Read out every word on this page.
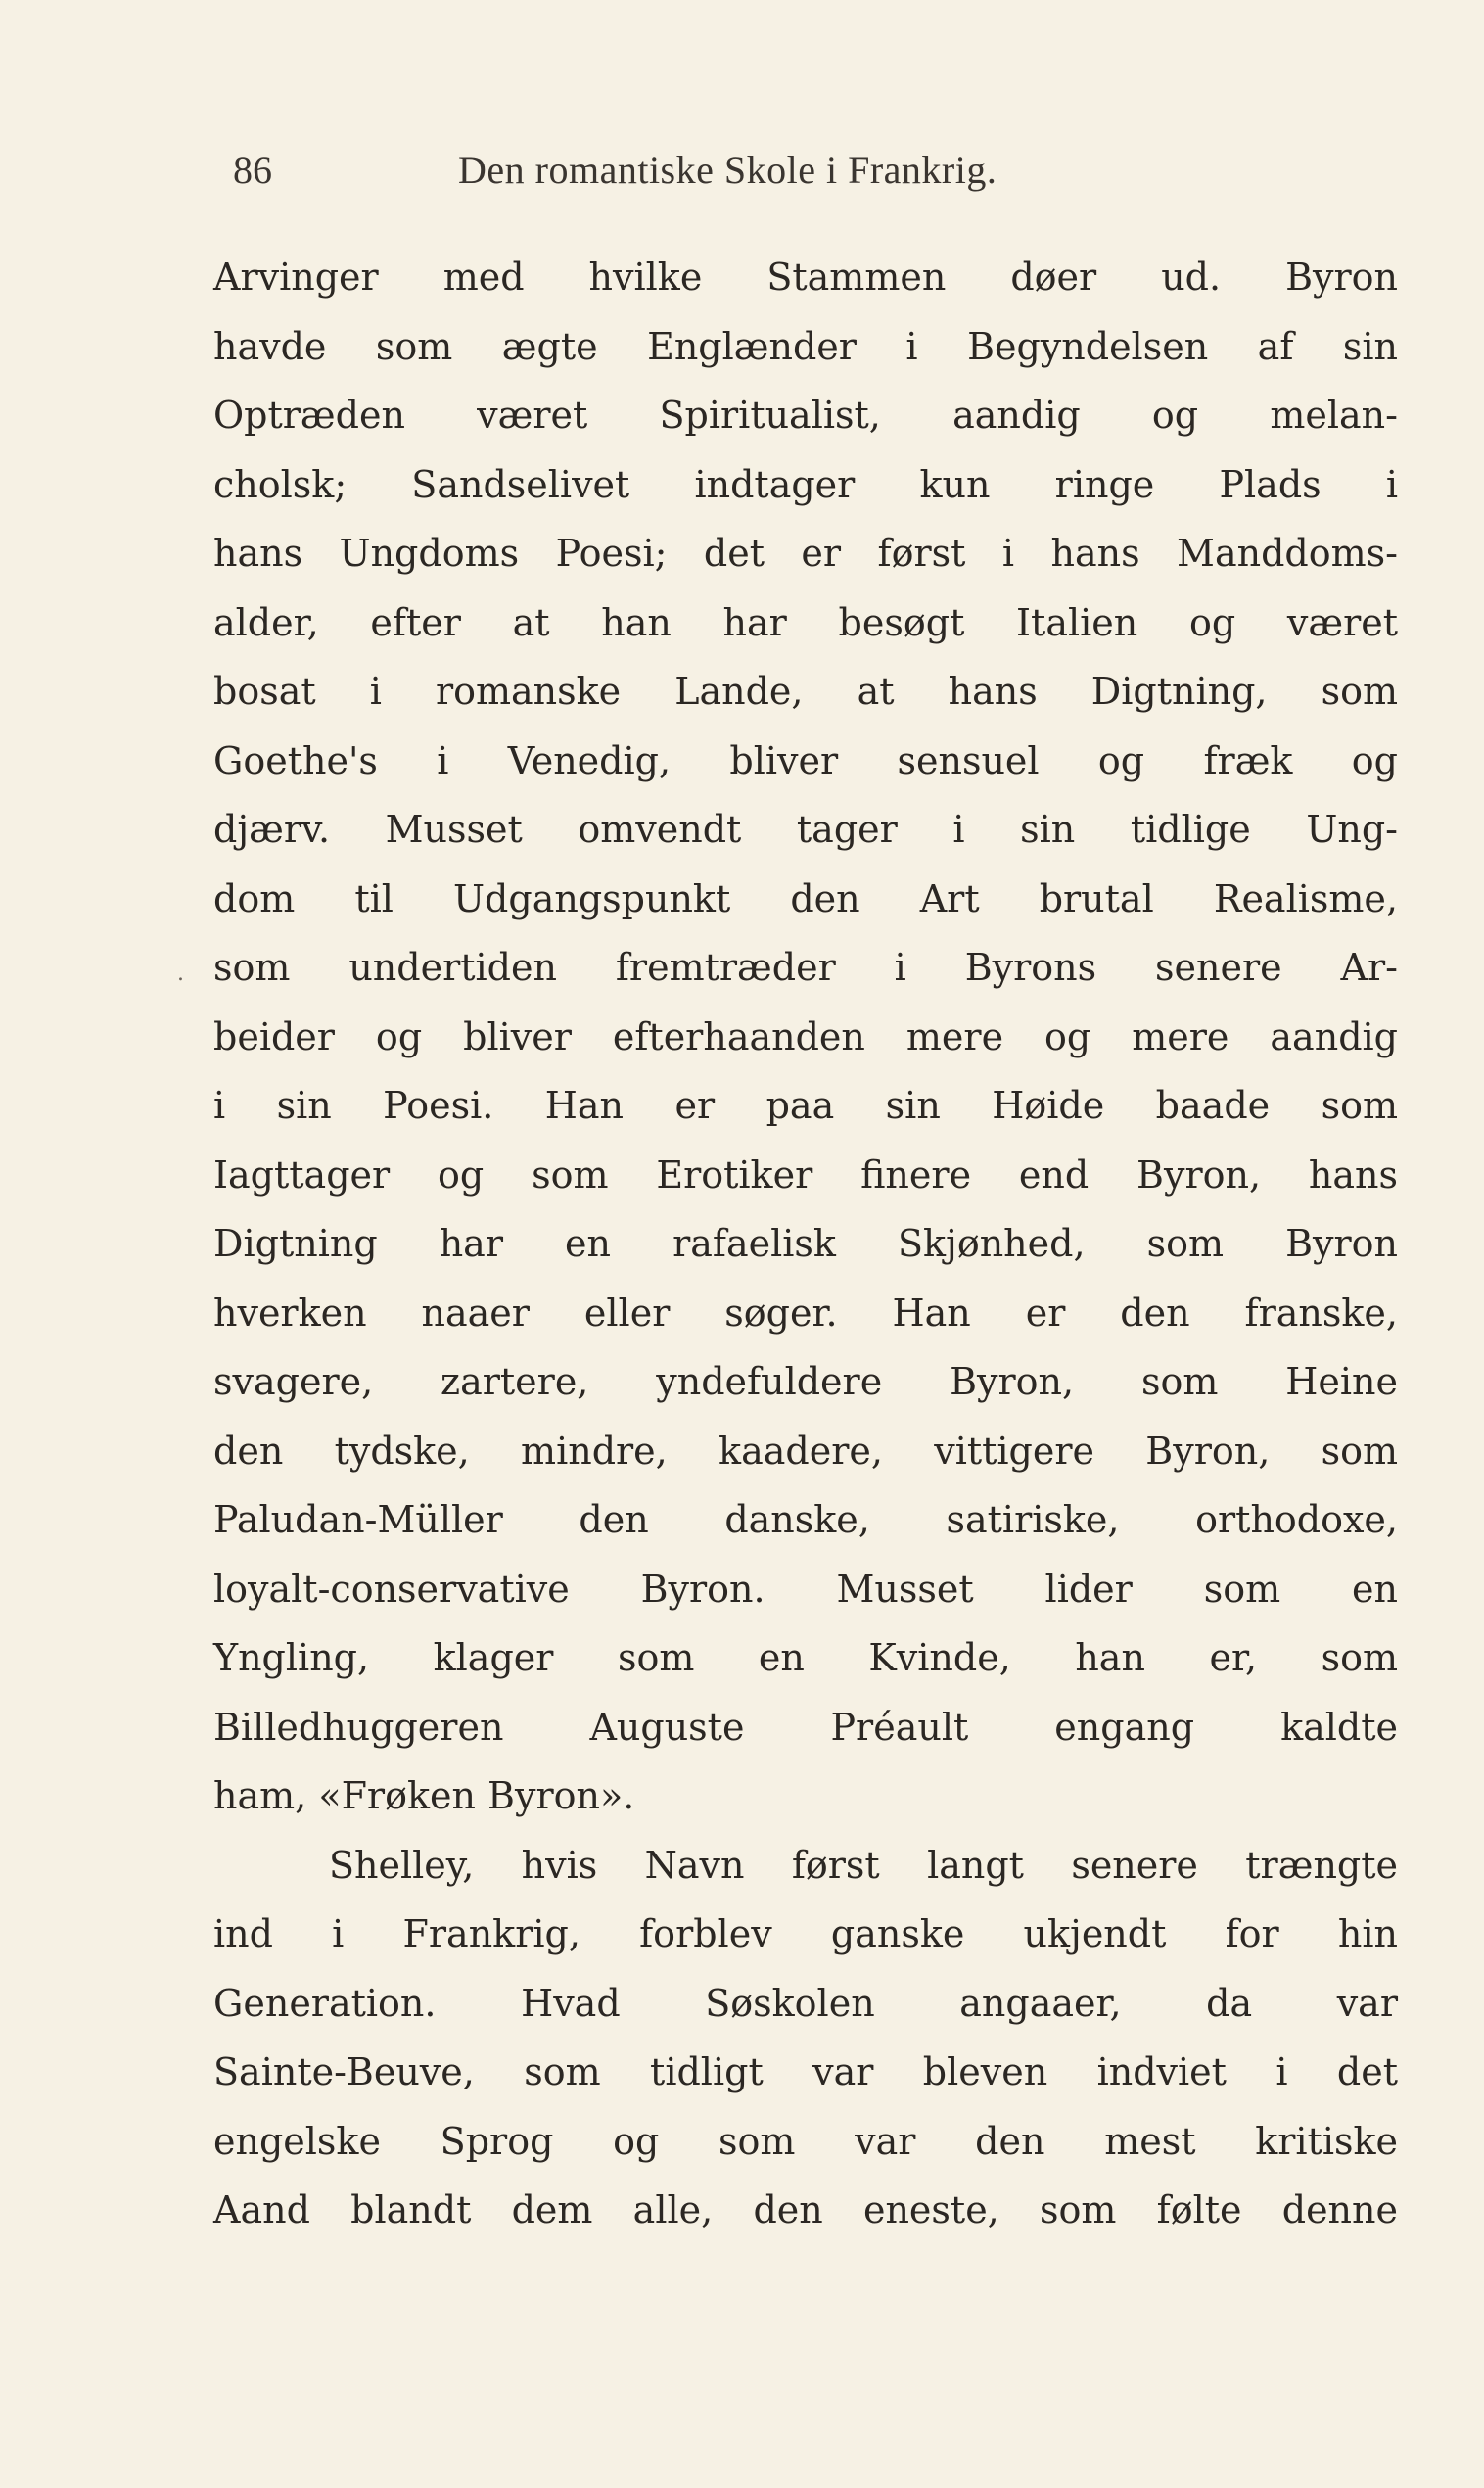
86	Den romantiske Skole i Frankrig.
.
Arvinger med hvilke Stammen døer ud. Byron
havde som ægte Englænder i Begyndelsen af sin
Optræden været Spiritualist, aandig og melan-
cholsk; Sandselivet indtager kun ringe Plads i
hans Ungdoms Poesi; det er først i hans Manddoms-
alder, efter at han har besøgt Italien og været
bosat i romanske Lande, at hans Digtning, som
Goethe's i Venedig, bliver sensuel og fræk og
djærv. Musset omvendt tager i sin tidlige Ung-
dom til Udgangspunkt den Art brutal Realisme,
som undertiden fremtræder i Byrons senere Ar-
beider og bliver efterhaanden mere og mere aandig
i sin Poesi. Han er paa sin Høide baade som
Iagttager og som Erotiker finere end Byron, hans
Digtning har en rafaelisk Skjønhed, som Byron
hverken naaer eller søger. Han er den franske,
svagere, zartere, yndefuldere Byron, som Heine
den tydske, mindre, kaadere, vittigere Byron, som
Paludan-Müller den danske, satiriske, orthodoxe,
loyalt-conservative Byron. Musset lider som en
Yngling, klager som en Kvinde, han er, som
Billedhuggeren Auguste Préault engang kaldte
ham, «Frøken Byron».
Shelley, hvis Navn først langt senere trængte
ind i Frankrig, forblev ganske ukjendt for hin
Generation. Hvad Søskolen angaaer, da var
Sainte-Beuve, som tidligt var bleven indviet i det
engelske Sprog og som var den mest kritiske
Aand blandt dem alle, den eneste, som følte denne
